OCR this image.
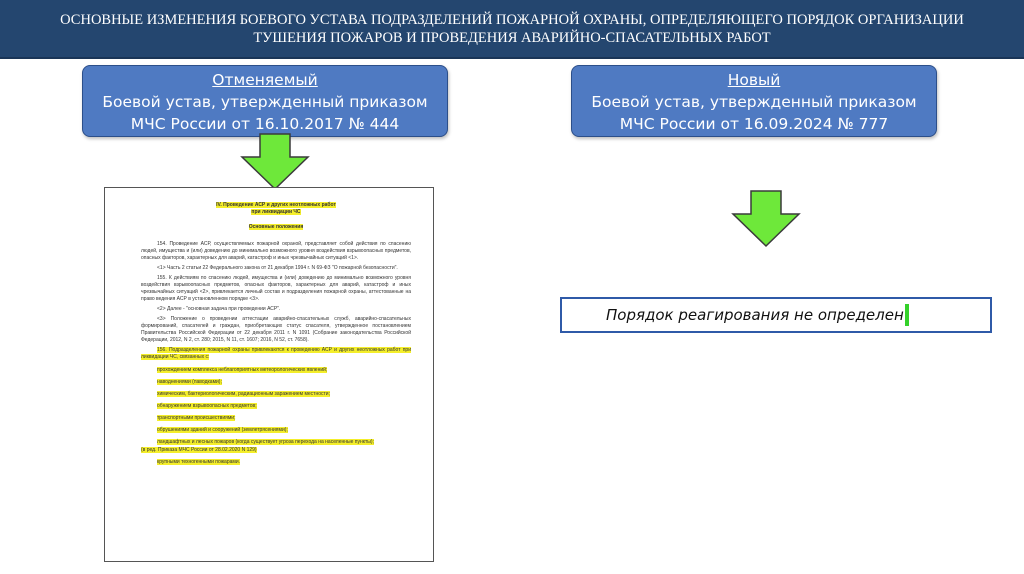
ОСНОВНЫЕ ИЗМЕНЕНИЯ БОЕВОГО УСТАВА ПОДРАЗДЕЛЕНИЙ ПОЖАРНОЙ ОХРАНЫ, ОПРЕДЕЛЯЮЩЕГО ПОРЯДОК ОРГАНИЗАЦИИ ТУШЕНИЯ ПОЖАРОВ И ПРОВЕДЕНИЯ АВАРИЙНО-СПАСАТЕЛЬНЫХ РАБОТ
Отменяемый
Боевой устав, утвержденный приказом
МЧС России от 16.10.2017 № 444
Новый
Боевой устав, утвержденный приказом
МЧС России от 16.09.2024 № 777
IV. Проведение АСР и других неотложных работ
при ликвидации ЧС
Основные положения

154. Проведение АСР, осуществляемых пожарной охраной, представляет собой действия по спасению людей, имущества и (или) доведению до минимально возможного уровня воздействия взрывоопасных предметов, опасных факторов, характерных для аварий, катастроф и иных чрезвычайных ситуаций <1>.

<1> Часть 2 статьи 22 Федерального закона от 21 декабря 1994 г. N 69-ФЗ "О пожарной безопасности".

155. К действиям по спасению людей, имущества и (или) доведению до минимально возможного уровня воздействия взрывоопасных предметов, опасных факторов, характерных для аварий, катастроф и иных чрезвычайных ситуаций <2>, привлекается личный состав и подразделения пожарной охраны, аттестованные на право ведения АСР в установленном порядке <3>.

<2> Далее - "основная задача при проведении АСР".

<3> Положение о проведении аттестации аварийно-спасательных служб, аварийно-спасательных формирований, спасателей и граждан, приобретающих статус спасателя, утвержденное постановлением Правительства Российской Федерации от 22 декабря 2011 г. N 1091 (Собрание законодательства Российской Федерации, 2012, N 2, ст. 280; 2015, N 11, ст. 1607; 2016, N 52, ст. 7658).

156. Подразделения пожарной охраны привлекаются к проведению АСР и других неотложных работ при ликвидации ЧС, связанных с:

прохождением комплекса неблагоприятных метеорологических явлений;
наводнениями (паводками);
химическим, бактериологическим, радиационным заражением местности;
обнаружением взрывоопасных предметов;
транспортными происшествиями;
обрушениями зданий и сооружений (землетрясениями);
ландшафтных и лесных пожаров (когда существует угроза перехода на населенные пункты);
(в ред. Приказа МЧС России от 28.02.2020 N 129)
крупными техногенными пожарами.
Порядок реагирования не определен
